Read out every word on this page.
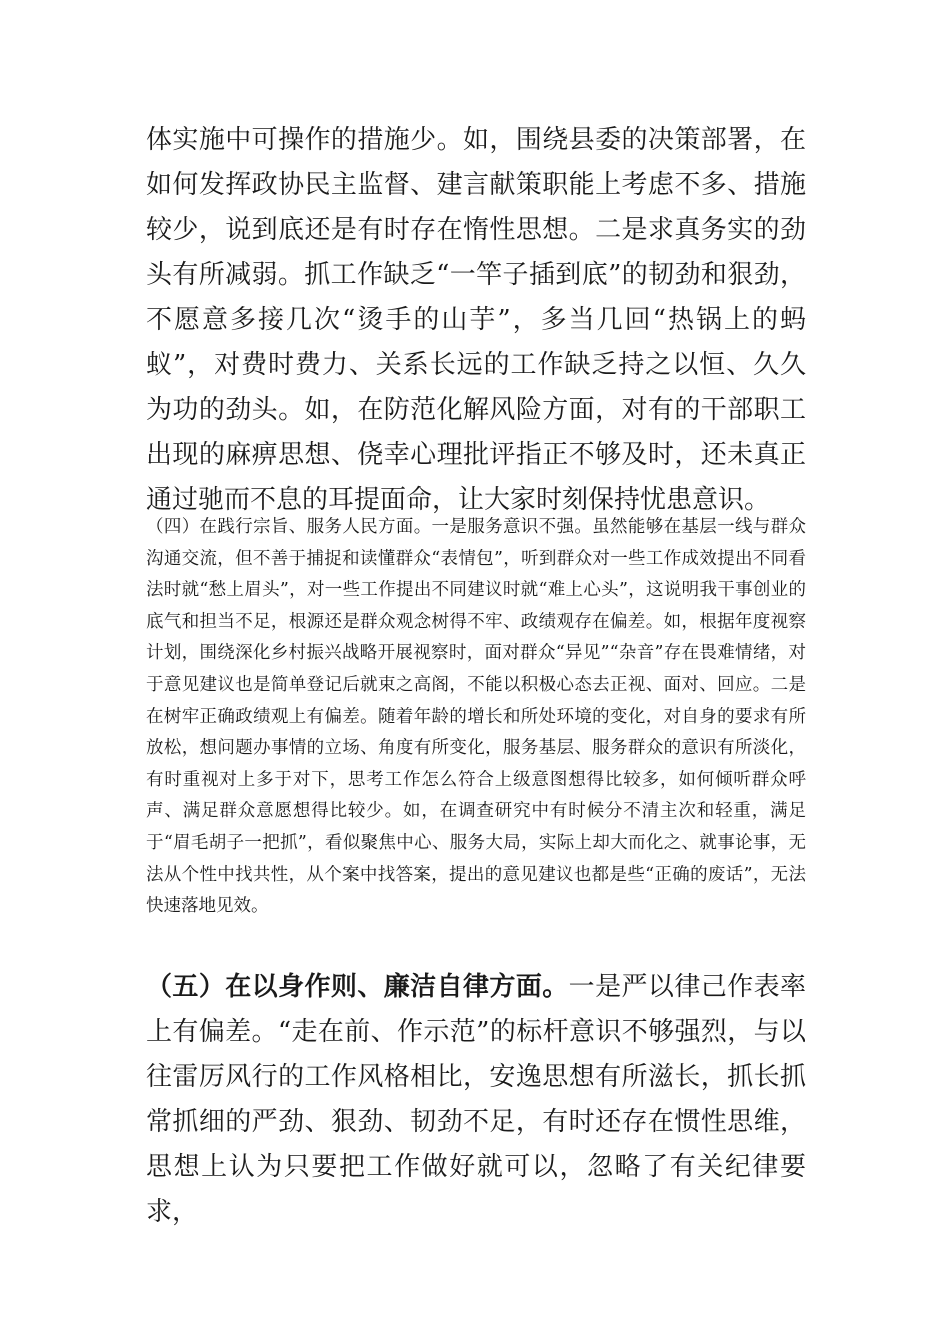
体实施中可操作的措施少。如，围绕县委的决策部署，在如何发挥政协民主监督、建言献策职能上考虑不多、措施较少，说到底还是有时存在惰性思想。二是求真务实的劲头有所减弱。抓工作缺乏“一竿子插到底”的韧劲和狠劲，不愿意多接几次“烫手的山芋”，多当几回“热锅上的蚂蚁”，对费时费力、关系长远的工作缺乏持之以恒、久久为功的劲头。如，在防范化解风险方面，对有的干部职工出现的麻痹思想、侥幸心理批评指正不够及时，还未真正通过驰而不息的耳提面命，让大家时刻保持忧患意识。

（四）在践行宗旨、服务人民方面。一是服务意识不强。虽然能够在基层一线与群众沟通交流，但不善于捕捉和读懂群众“表情包”，听到群众对一些工作成效提出不同看法时就“愁上眉头”，对一些工作提出不同建议时就“难上心头”，这说明我干事创业的底气和担当不足，根源还是群众观念树得不牢、政绩观存在偏差。如，根据年度视察计划，围绕深化乡村振兴战略开展视察时，面对群众“异见”“杂音”存在畏难情绪，对于意见建议也是简单登记后就束之高阁，不能以积极心态去正视、面对、回应。二是在树牢正确政绩观上有偏差。随着年龄的增长和所处环境的变化，对自身的要求有所放松，想问题办事情的立场、角度有所变化，服务基层、服务群众的意识有所淡化，有时重视对上多于对下，思考工作怎么符合上级意图想得比较多，如何倾听群众呼声、满足群众意愿想得比较少。如，在调查研究中有时候分不清主次和轻重，满足于“眉毛胡子一把抓”，看似聚焦中心、服务大局，实际上却大而化之、就事论事，无法从个性中找共性，从个案中找答案，提出的意见建议也都是些“正确的废话”，无法快速落地见效。

（五）在以身作则、廉洁自律方面。一是严以律己作表率上有偏差。“走在前、作示范”的标杆意识不够强烈，与以往雷厉风行的工作风格相比，安逸思想有所滋长，抓长抓常抓细的严劲、狠劲、韧劲不足，有时还存在惯性思维，思想上认为只要把工作做好就可以，忽略了有关纪律要求，
